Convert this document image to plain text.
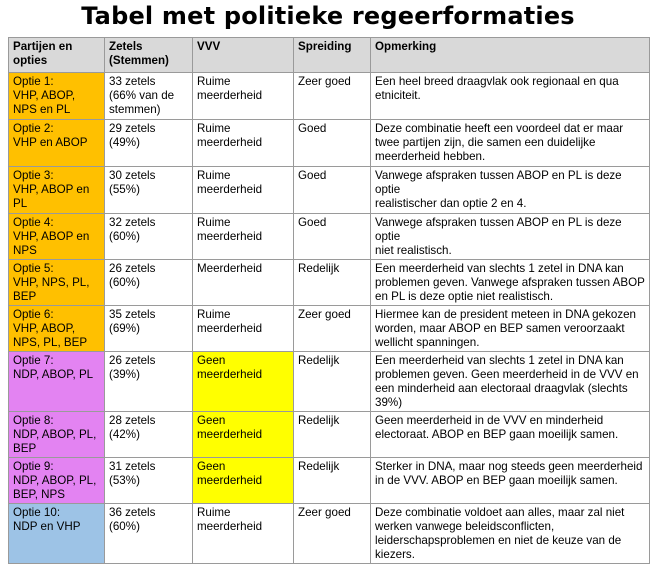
Tabel met politieke regeerformaties
Partijen en
opties	Zetels
(Stemmen)	VVV	Spreiding	Opmerking
Optie 1:
VHP, ABOP,
NPS en PL	33 zetels
(66% van de
stemmen)	Ruime
meerderheid	Zeer goed	Een heel breed draagvlak ook regionaal en qua
etniciteit.
Optie 2:
VHP en ABOP	29 zetels
(49%)	Ruime
meerderheid	Goed	Deze combinatie heeft een voordeel dat er maar
twee partijen zijn, die samen een duidelijke
meerderheid hebben.
Optie 3:
VHP, ABOP en
PL	30 zetels
(55%)	Ruime
meerderheid	Goed	Vanwege afspraken tussen ABOP en PL is deze optie
realistischer dan optie 2 en 4.
Optie 4:
VHP, ABOP en
NPS	32 zetels
(60%)	Ruime
meerderheid	Goed	Vanwege afspraken tussen ABOP en PL is deze optie
niet realistisch.
Optie 5:
VHP, NPS, PL,
BEP	26 zetels
(60%)	Meerderheid	Redelijk	Een meerderheid van slechts 1 zetel in DNA kan
problemen geven. Vanwege afspraken tussen ABOP
en PL is deze optie niet realistisch.
Optie 6:
VHP, ABOP,
NPS, PL, BEP	35 zetels
(69%)	Ruime
meerderheid	Zeer goed	Hiermee kan de president meteen in DNA gekozen
worden, maar ABOP en BEP samen veroorzaakt
wellicht spanningen.
Optie 7:
NDP, ABOP, PL	26 zetels
(39%)	Geen
meerderheid	Redelijk	Een meerderheid van slechts 1 zetel in DNA kan
problemen geven. Geen meerderheid in de VVV en
een minderheid aan electoraal draagvlak (slechts
39%)
Optie 8:
NDP, ABOP, PL,
BEP	28 zetels
(42%)	Geen
meerderheid	Redelijk	Geen meerderheid in de VVV en minderheid
electoraat. ABOP en BEP gaan moeilijk samen.
Optie 9:
NDP, ABOP, PL,
BEP, NPS	31 zetels
(53%)	Geen
meerderheid	Redelijk	Sterker in DNA, maar nog steeds geen meerderheid
in de VVV. ABOP en BEP gaan moeilijk samen.
Optie 10:
NDP en VHP	36 zetels
(60%)	Ruime
meerderheid	Zeer goed	Deze combinatie voldoet aan alles, maar zal niet
werken vanwege beleidsconflicten,
leiderschapsproblemen en niet de keuze van de
kiezers.
